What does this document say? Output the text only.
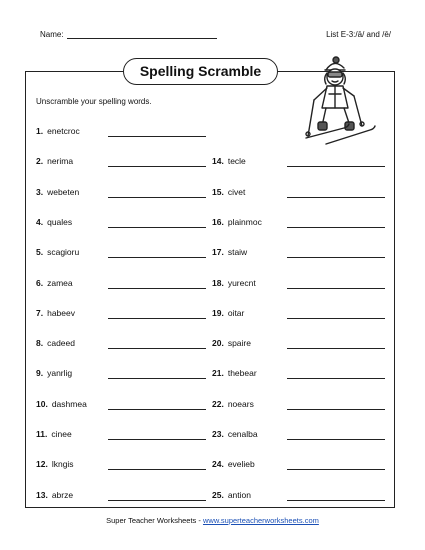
Name:	List E-3:/ā/ and /ē/
Spelling Scramble
Unscramble your spelling words.
1. enetcroc
2. nerima
3. webeten
4. quales
5. scagioru
6. zamea
7. habeev
8. cadeed
9. yanrlig
10. dashmea
11. cinee
12. lkngis
13. abrze
14. tecle
15. civet
16. plainmoc
17. staiw
18. yurecnt
19. oitar
20. spaire
21. thebear
22. noears
23. cenalba
24. evelieb
25. antion
Super Teacher Worksheets - www.superteacherworksheets.com
